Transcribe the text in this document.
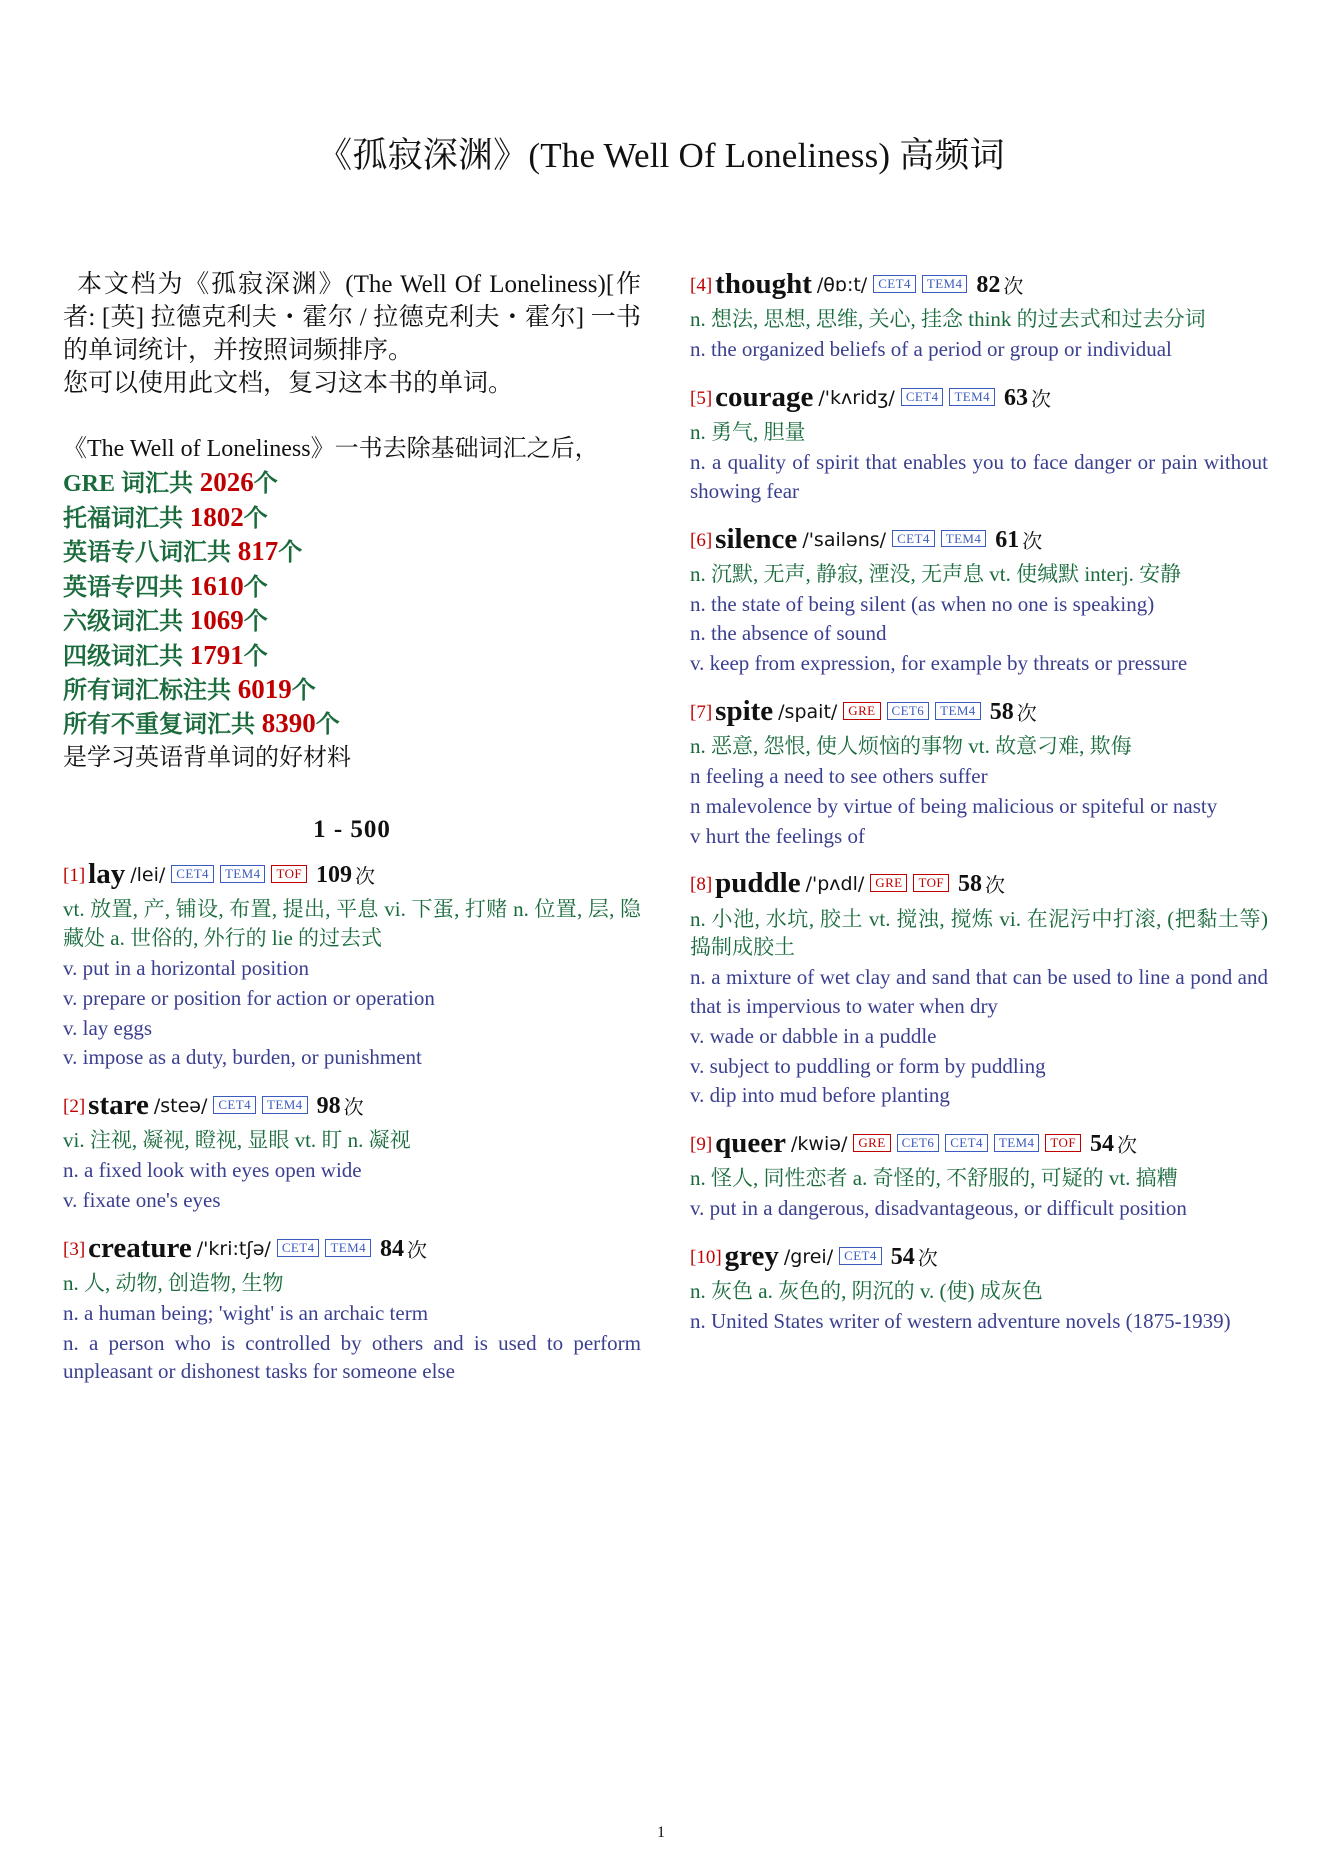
《孤寂深渊》(The Well Of Loneliness) 高频词

本文档为《孤寂深渊》(The Well Of Loneliness)[作者: [英] 拉德克利夫・霍尔 / 拉德克利夫・霍尔] 一书的单词统计，并按照词频排序。

您可以使用此文档，复习这本书的单词。

《The Well of Loneliness》一书去除基础词汇之后，
GRE 词汇共 2026个
托福词汇共 1802个
英语专八词汇共 817个
英语专四共 1610个
六级词汇共 1069个
四级词汇共 1791个
所有词汇标注共 6019个
所有不重复词汇共 8390个
是学习英语背单词的好材料
1 - 500
[1] lay /lei/ CET4 TEM4 TOF 109 次
vt. 放置, 产, 铺设, 布置, 提出, 平息 vi. 下蛋, 打赌 n. 位置, 层, 隐藏处 a. 世俗的, 外行的 lie 的过去式
v. put in a horizontal position
v. prepare or position for action or operation
v. lay eggs
v. impose as a duty, burden, or punishment
[2] stare /steə/ CET4 TEM4 98 次
vi. 注视, 凝视, 瞪视, 显眼 vt. 盯 n. 凝视
n. a fixed look with eyes open wide
v. fixate one's eyes
[3] creature /'kri:tʃə/ CET4 TEM4 84 次
n. 人, 动物, 创造物, 生物
n. a human being; 'wight' is an archaic term
n. a person who is controlled by others and is used to perform unpleasant or dishonest tasks for someone else
[4] thought /θɒ:t/ CET4 TEM4 82 次
n. 想法, 思想, 思维, 关心, 挂念 think 的过去式和过去分词
n. the organized beliefs of a period or group or individual
[5] courage /'kʌridʒ/ CET4 TEM4 63 次
n. 勇气, 胆量
n. a quality of spirit that enables you to face danger or pain without showing fear
[6] silence /'sailəns/ CET4 TEM4 61 次
n. 沉默, 无声, 静寂, 湮没, 无声息 vt. 使缄默 interj. 安静
n. the state of being silent (as when no one is speaking)
n. the absence of sound
v. keep from expression, for example by threats or pressure
[7] spite /spait/ GRE CET6 TEM4 58 次
n. 恶意, 怨恨, 使人烦恼的事物 vt. 故意刁难, 欺侮
n feeling a need to see others suffer
n malevolence by virtue of being malicious or spiteful or nasty
v hurt the feelings of
[8] puddle /'pʌdl/ GRE TOF 58 次
n. 小池, 水坑, 胶土 vt. 搅浊, 搅炼 vi. 在泥污中打滚, (把黏土等) 捣制成胶土
n. a mixture of wet clay and sand that can be used to line a pond and that is impervious to water when dry
v. wade or dabble in a puddle
v. subject to puddling or form by puddling
v. dip into mud before planting
[9] queer /kwiə/ GRE CET6 CET4 TEM4 TOF 54 次
n. 怪人, 同性恋者 a. 奇怪的, 不舒服的, 可疑的 vt. 搞糟
v. put in a dangerous, disadvantageous, or difficult position
[10] grey /grei/ CET4 54 次
n. 灰色 a. 灰色的, 阴沉的 v. (使) 成灰色
n. United States writer of western adventure novels (1875-1939)
1
